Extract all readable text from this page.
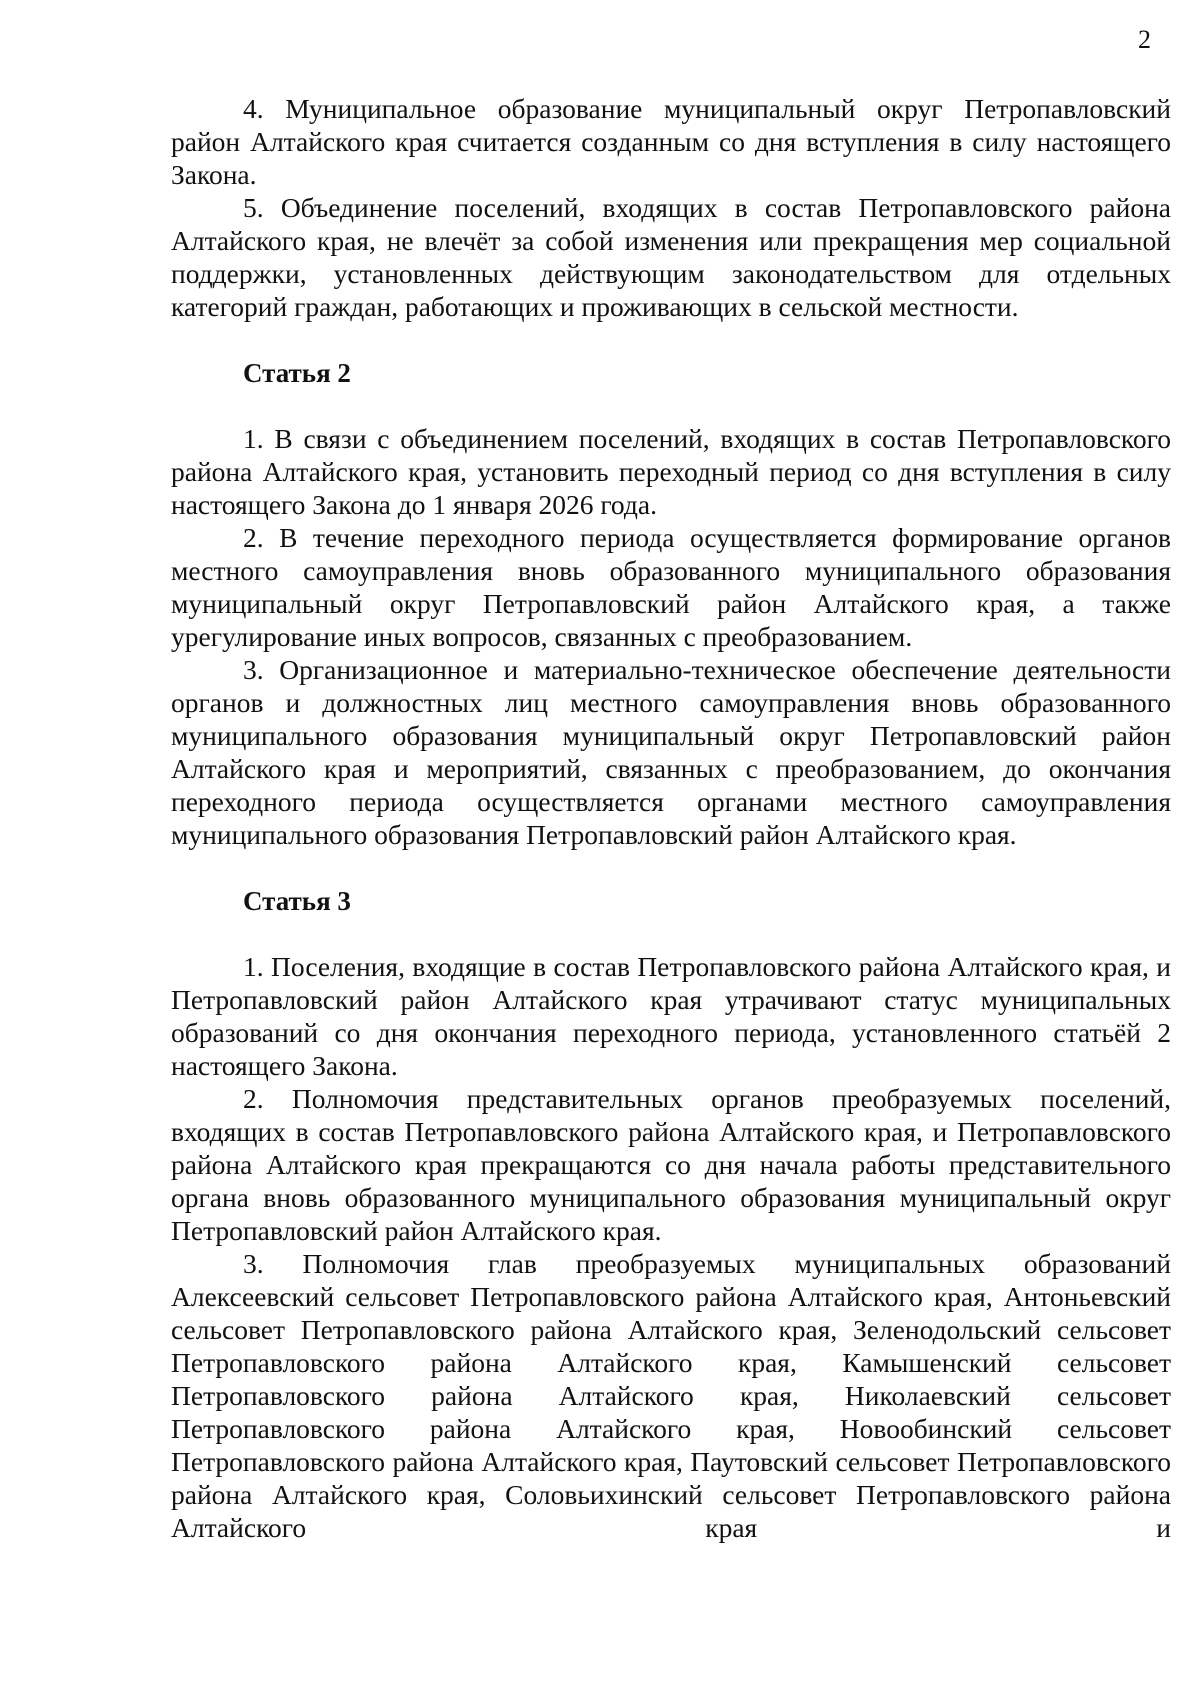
2

4. Муниципальное образование муниципальный округ Петропавловский район Алтайского края считается созданным со дня вступления в силу настоящего Закона.

5. Объединение поселений, входящих в состав Петропавловского района Алтайского края, не влечёт за собой изменения или прекращения мер социальной поддержки, установленных действующим законодательством для отдельных категорий граждан, работающих и проживающих в сельской местности.

Статья 2

1. В связи с объединением поселений, входящих в состав Петропавловского района Алтайского края, установить переходный период со дня вступления в силу настоящего Закона до 1 января 2026 года.

2. В течение переходного периода осуществляется формирование органов местного самоуправления вновь образованного муниципального образования муниципальный округ Петропавловский район Алтайского края, а также урегулирование иных вопросов, связанных с преобразованием.

3. Организационное и материально-техническое обеспечение деятельности органов и должностных лиц местного самоуправления вновь образованного муниципального образования муниципальный округ Петропавловский район Алтайского края и мероприятий, связанных с преобразованием, до окончания переходного периода осуществляется органами местного самоуправления муниципального образования Петропавловский район Алтайского края.

Статья 3

1. Поселения, входящие в состав Петропавловского района Алтайского края, и Петропавловский район Алтайского края утрачивают статус муниципальных образований со дня окончания переходного периода, установленного статьёй 2 настоящего Закона.

2. Полномочия представительных органов преобразуемых поселений, входящих в состав Петропавловского района Алтайского края, и Петропавловского района Алтайского края прекращаются со дня начала работы представительного органа вновь образованного муниципального образования муниципальный округ Петропавловский район Алтайского края.

3. Полномочия глав преобразуемых муниципальных образований Алексеевский сельсовет Петропавловского района Алтайского края, Антоньевский сельсовет Петропавловского района Алтайского края, Зеленодольский сельсовет Петропавловского района Алтайского края, Камышенский сельсовет Петропавловского района Алтайского края, Николаевский сельсовет Петропавловского района Алтайского края, Новообинский сельсовет Петропавловского района Алтайского края, Паутовский сельсовет Петропавловского района Алтайского края, Соловьихинский сельсовет Петропавловского района Алтайского края и
